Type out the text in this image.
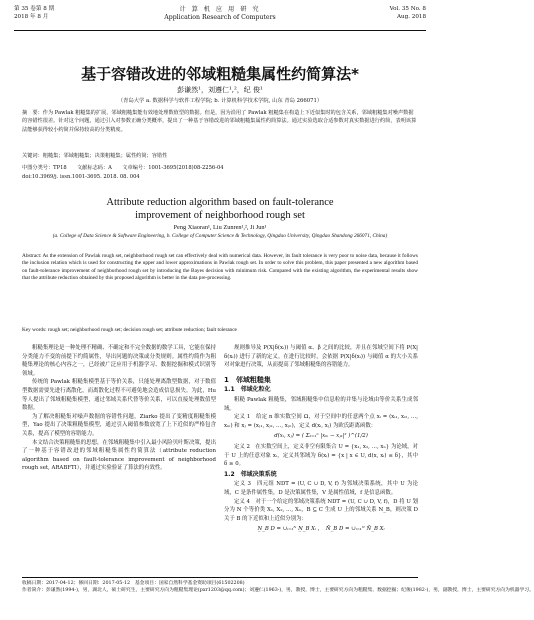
第 35 卷第 8 期
2018 年 8 月
计 算 机 应 用 研 究
Application Research of Computers
Vol. 35 No. 8
Aug. 2018
基于容错改进的邻域粗糙集属性约简算法*
彭谦然¹，刘遵仁¹,²，纪 俊¹
（青岛大学 a. 数据科学与软件工程学院; b. 计算机科学技术学院, 山东 青岛 266071）
摘　要：作为 Pawlak 粗糙集的扩展，邻域粗糙集能有效地处理数值型的数据。但是，因为沿用了 Pawlak 粗糙集在构造上下近似集时的包含关系，邻域粗糙集对噪声数据的容错性很差。针对这个问题，通过引入对参数正确分类概率，提出了一种基于容错改进的邻域粗糙集属性约简算法。通过实验选取合适参数对真实数据进行约简，表明该算法能够获得较小约简并保持较高的分类精度。
关键词：粗糙集；邻域粗糙集；决策粗糙集；属性约简；容错性
中图分类号：TP18　　文献标志码：A　　文章编号：1001-3695(2018)08-2256-04
doi:10.3969/j. issn.1001-3695. 2018. 08. 004
Attribute reduction algorithm based on fault-tolerance
improvement of neighborhood rough set
Peng Xiaoran¹, Liu Zunren¹,², Ji Jun¹
(a. College of Data Science & Software Engineering, b. College of Computer Science & Technology, Qingdao University, Qingdao Shandong 266071, China)
Abstract: As the extension of Pawlak rough set, neighborhood rough set can effectively deal with numerical data. However, its fault tolerance is very poor to noise data, because it follows the inclusion relation which is used for constructing the upper and lower approximations in Pawlak rough set. In order to solve this problem, this paper presented a new algorithm based on fault-tolerance improvement of neighborhood rough set by introducing the Bayes decision with minimum risk. Compared with the existing algorithm, the experimental results show that the attribute reduction obtained by this proposed algorithm is better in the data pre-processing.
Key words: rough set; neighborhood rough set; decision rough set; attribute reduction; fault tolerance

粗糙集理论是一种处理不精确、不确定和不完全数据的数学工具，它能在保持分类能力不变的前提下约简属性，导出问题的决策或分类规则。属性约简作为粗糙集理论的核心内容之一，已经被广泛应用于机器学习、数据挖掘和模式识别等领域。

传统的 Pawlak 粗糙集模型基于等价关系，只能处理离散型数据，对于数值型数据需要先进行离散化，而离散化过程不可避免地会造成信息损失。为此，Hu 等人提出了邻域粗糙集模型，通过邻域关系代替等价关系，可以直接处理数值型数据。

为了解决粗糙集对噪声数据的容错性问题，Ziarko 提出了变精度粗糙集模型，Yao 提出了决策粗糙集模型，通过引入阈值参数放宽了上下近似的严格包含关系，提高了模型的容错能力。

本文结合决策粗糙集的思想，在邻域粗糙集中引入最小风险贝叶斯决策，提出了一种基于容错改进的邻域粗糙集属性约简算法（attribute reduction algorithm based on fault-tolerance improvement of neighborhood rough set, ARABFTI），并通过实验验证了算法的有效性。

规则推导及 P(X|δ(xᵢ)) 与阈值 α、β 之间的比较，并且在邻域空间下将 P(X|δ(xᵢ)) 进行了新的定义。在进行比较时，会依据 P(X|δ(xᵢ)) 与阈值 α 的大小关系对对象进行决策，从而提高了邻域粗糙集的容错能力。

1　邻域粗糙集
1.1　邻域化粒化

粗糙 Pawlak 粗糙集，邻域粗糙集中信息粒的并集与论域由等价关系生成邻域。

定义 1　给定 n 维实数空间 Ω，对于空间中的任意两个点 xᵢ = (xᵢ₁, xᵢ₂, …, xᵢₙ) 和 xⱼ = (xⱼ₁, xⱼ₂, …, xⱼₙ)，定义 d(xᵢ, xⱼ) 为欧氏距离函数：

d(xᵢ, xⱼ) = ( Σₖ₌₁ⁿ |xᵢₖ − xⱼₖ|² )^(1/2)

定义 2　在实数空间上，定义非空有限集合 U = {x₁, x₂, …, xₙ} 为论域，对于 U 上的任意对象 xᵢ，定义其邻域为 δ(xᵢ) = {x | x ∈ U, d(x, xᵢ) ≤ δ}，其中 δ ≥ 0。

1.2　邻域决策系统

定义 3　四元组 NDT = (U, C ∪ D, V, f) 为邻域决策系统，其中 U 为论域，C 是条件属性集，D 是决策属性集，V 是属性值域，f 是信息函数。

定义 4　对于一个给定的邻域决策系统 NDT = (U, C ∪ D, V, f)，D 将 U 划分为 N 个等价类 X₁, X₂, …, Xₙ，B ⊆ C 生成 U 上的邻域关系 N_B，则决策 D 关于 B 的下近似和上近似分别为：

N̲_B D = ∪ᵢ₌₁ᴺ N̲_B Xᵢ ，　N̄_B D = ∪ᵢ₌₁ᴺ N̄_B Xᵢ
收稿日期：2017-04-12；修回日期：2017-05-12　基金项目：国家自然科学基金资助项目(61502208)
作者简介：彭谦然(1994-)，男，湖北人，硕士研究生，主要研究方向为粗糙集理论(pxr1203@qq.com)；刘遵仁(1963-)，男，教授，博士，主要研究方向为粗糙集、数据挖掘；纪俊(1982-)，男，副教授，博士，主要研究方向为机器学习。
